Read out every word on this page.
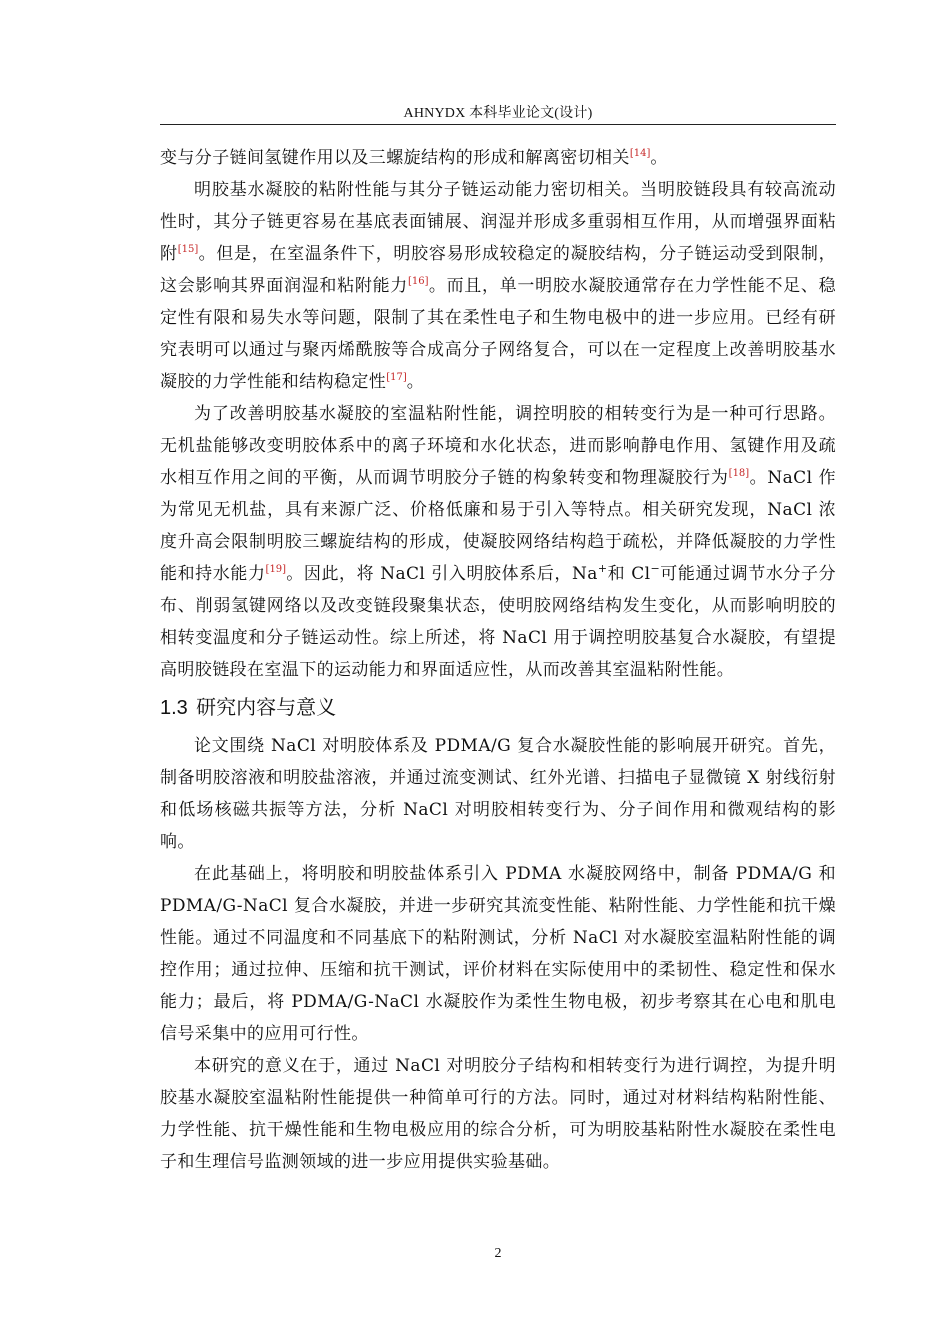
AHNYDX 本科毕业论文(设计)

变与分子链间氢键作用以及三螺旋结构的形成和解离密切相关[14]。

明胶基水凝胶的粘附性能与其分子链运动能力密切相关。当明胶链段具有较高流动性时，其分子链更容易在基底表面铺展、润湿并形成多重弱相互作用，从而增强界面粘附[15]。但是，在室温条件下，明胶容易形成较稳定的凝胶结构，分子链运动受到限制，这会影响其界面润湿和粘附能力[16]。而且，单一明胶水凝胶通常存在力学性能不足、稳定性有限和易失水等问题，限制了其在柔性电子和生物电极中的进一步应用。已经有研究表明可以通过与聚丙烯酰胺等合成高分子网络复合，可以在一定程度上改善明胶基水凝胶的力学性能和结构稳定性[17]。

为了改善明胶基水凝胶的室温粘附性能，调控明胶的相转变行为是一种可行思路。无机盐能够改变明胶体系中的离子环境和水化状态，进而影响静电作用、氢键作用及疏水相互作用之间的平衡，从而调节明胶分子链的构象转变和物理凝胶行为[18]。NaCl 作为常见无机盐，具有来源广泛、价格低廉和易于引入等特点。相关研究发现，NaCl 浓度升高会限制明胶三螺旋结构的形成，使凝胶网络结构趋于疏松，并降低凝胶的力学性能和持水能力[19]。因此，将 NaCl 引入明胶体系后，Na+和 Cl−可能通过调节水分子分布、削弱氢键网络以及改变链段聚集状态，使明胶网络结构发生变化，从而影响明胶的相转变温度和分子链运动性。综上所述，将 NaCl 用于调控明胶基复合水凝胶，有望提高明胶链段在室温下的运动能力和界面适应性，从而改善其室温粘附性能。

1.3 研究内容与意义

论文围绕 NaCl 对明胶体系及 PDMA/G 复合水凝胶性能的影响展开研究。首先，制备明胶溶液和明胶盐溶液，并通过流变测试、红外光谱、扫描电子显微镜 X 射线衍射和低场核磁共振等方法，分析 NaCl 对明胶相转变行为、分子间作用和微观结构的影响。

在此基础上，将明胶和明胶盐体系引入 PDMA 水凝胶网络中，制备 PDMA/G 和 PDMA/G-NaCl 复合水凝胶，并进一步研究其流变性能、粘附性能、力学性能和抗干燥性能。通过不同温度和不同基底下的粘附测试，分析 NaCl 对水凝胶室温粘附性能的调控作用；通过拉伸、压缩和抗干测试，评价材料在实际使用中的柔韧性、稳定性和保水能力；最后，将 PDMA/G-NaCl 水凝胶作为柔性生物电极，初步考察其在心电和肌电信号采集中的应用可行性。

本研究的意义在于，通过 NaCl 对明胶分子结构和相转变行为进行调控，为提升明胶基水凝胶室温粘附性能提供一种简单可行的方法。同时，通过对材料结构粘附性能、力学性能、抗干燥性能和生物电极应用的综合分析，可为明胶基粘附性水凝胶在柔性电子和生理信号监测领域的进一步应用提供实验基础。

2
